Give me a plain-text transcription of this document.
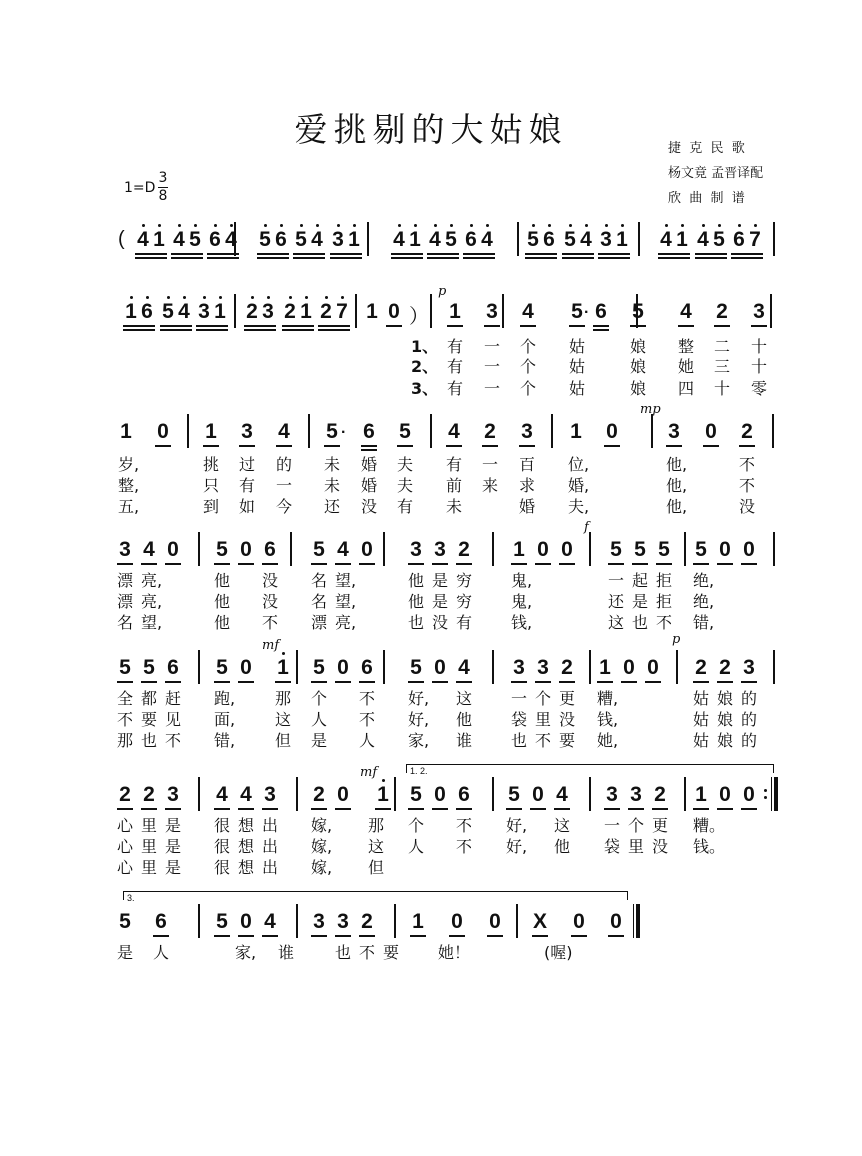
爱挑剔的大姑娘	捷  克  民  歌
杨文竟 孟晋译配
欣  曲  制  谱
1=D
3
8
( 4 1 4 5 6 4 5 6 5 4 3 1 4 1 4 5 6 4 5 6 5 4 3 1 4 1 4 5 6 7
）
1 6 5 4 3 1 2 3 2 1 2 7 1 0 1 3 4 5 6 5 4 2 3
·
p
1、
2、
3、
有 一 个 姑	娘 整 二 十
有 一 个 姑	娘 她 三 十
有 一 个 姑	娘 四 十 零
1 0 1 3 4 5 6 5 4 2 3 1 0 3 0 2
·
mp
岁,	挑 过 的 未 婚 夫 有 一 百 位,	他,	不
整,	只 有 一 未 婚 夫 前 来 求 婚,	他,	不
五,	到 如 今 还 没 有 未	婚 夫,	他,	没
3 4 0 5 0 6 5 4 0 3 3 2 1 0 0 5 5 5 5 0 0
f
漂 亮,	他 没 名 望,	他 是 穷 鬼,	一 起 拒 绝,
漂 亮,	他 没 名 望,	他 是 穷 鬼,	还 是 拒 绝,
名 望,	他 不 漂 亮,	也 没 有 钱,	这 也 不 错,
5 5 6 5 0 1 5 0 6 5 0 4 3 3 2 1 0 0 2 2 3
mf	p
全 都 赶 跑, 那 个 不 好, 这 一 个 更 糟,	姑 娘 的
不 要 见 面, 这 人 不 好, 他 袋 里 没 钱,	姑 娘 的
那 也 不 错, 但 是 人 家, 谁 也 不 要 她,	姑 娘 的
2 2 3 4 4 3 2 0 1 5 0 6 5 0 4 3 3 2 1 0 0
mf
心 里 是 很 想 出 嫁, 那 个 不 好, 这 一 个 更 糟。
心 里 是 很 想 出 嫁, 这 人 不 好, 他 袋 里 没 钱。
心 里 是 很 想 出 嫁, 但
1. 2.
5 6 5 0 4 3 3 2 1 0 0 X 0 0
是 人	家, 谁	也 不 要 她！	(喔)
3.
